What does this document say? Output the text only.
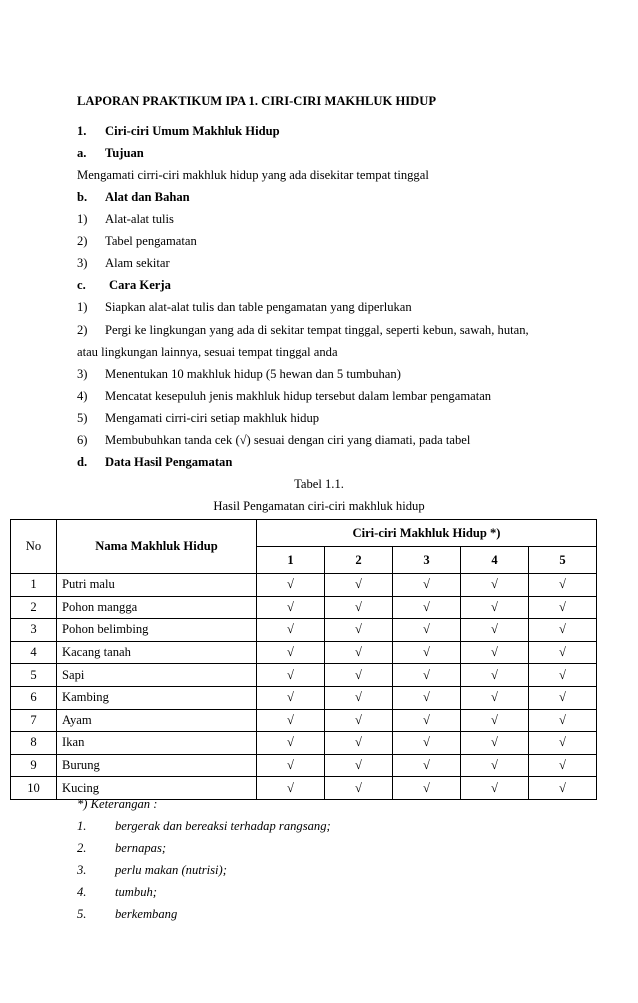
LAPORAN PRAKTIKUM IPA 1. CIRI-CIRI MAKHLUK HIDUP
1. Ciri-ciri Umum Makhluk Hidup
a. Tujuan
Mengamati cirri-ciri makhluk hidup yang ada disekitar tempat tinggal
b. Alat dan Bahan
1) Alat-alat tulis
2) Tabel pengamatan
3) Alam sekitar
c. Cara Kerja
1) Siapkan alat-alat tulis dan table pengamatan yang diperlukan
2) Pergi ke lingkungan yang ada di sekitar tempat tinggal, seperti kebun, sawah, hutan,
atau lingkungan lainnya, sesuai tempat tinggal anda
3) Menentukan 10 makhluk hidup (5 hewan dan 5 tumbuhan)
4) Mencatat kesepuluh jenis makhluk hidup tersebut dalam lembar pengamatan
5) Mengamati cirri-ciri setiap makhluk hidup
6) Membubuhkan tanda cek (√) sesuai dengan ciri yang diamati, pada tabel
d. Data Hasil Pengamatan
Tabel 1.1.
Hasil Pengamatan ciri-ciri makhluk hidup
No	Nama Makhluk Hidup	Ciri-ciri Makhluk Hidup *)				
		1	2	3	4	5
1	Putri malu	√	√	√	√	√
2	Pohon mangga	√	√	√	√	√
3	Pohon belimbing	√	√	√	√	√
4	Kacang tanah	√	√	√	√	√
5	Sapi	√	√	√	√	√
6	Kambing	√	√	√	√	√
7	Ayam	√	√	√	√	√
8	Ikan	√	√	√	√	√
9	Burung	√	√	√	√	√
10	Kucing	√	√	√	√	√
*) Keterangan :
1. bergerak dan bereaksi terhadap rangsang;
2. bernapas;
3. perlu makan (nutrisi);
4. tumbuh;
5. berkembang
